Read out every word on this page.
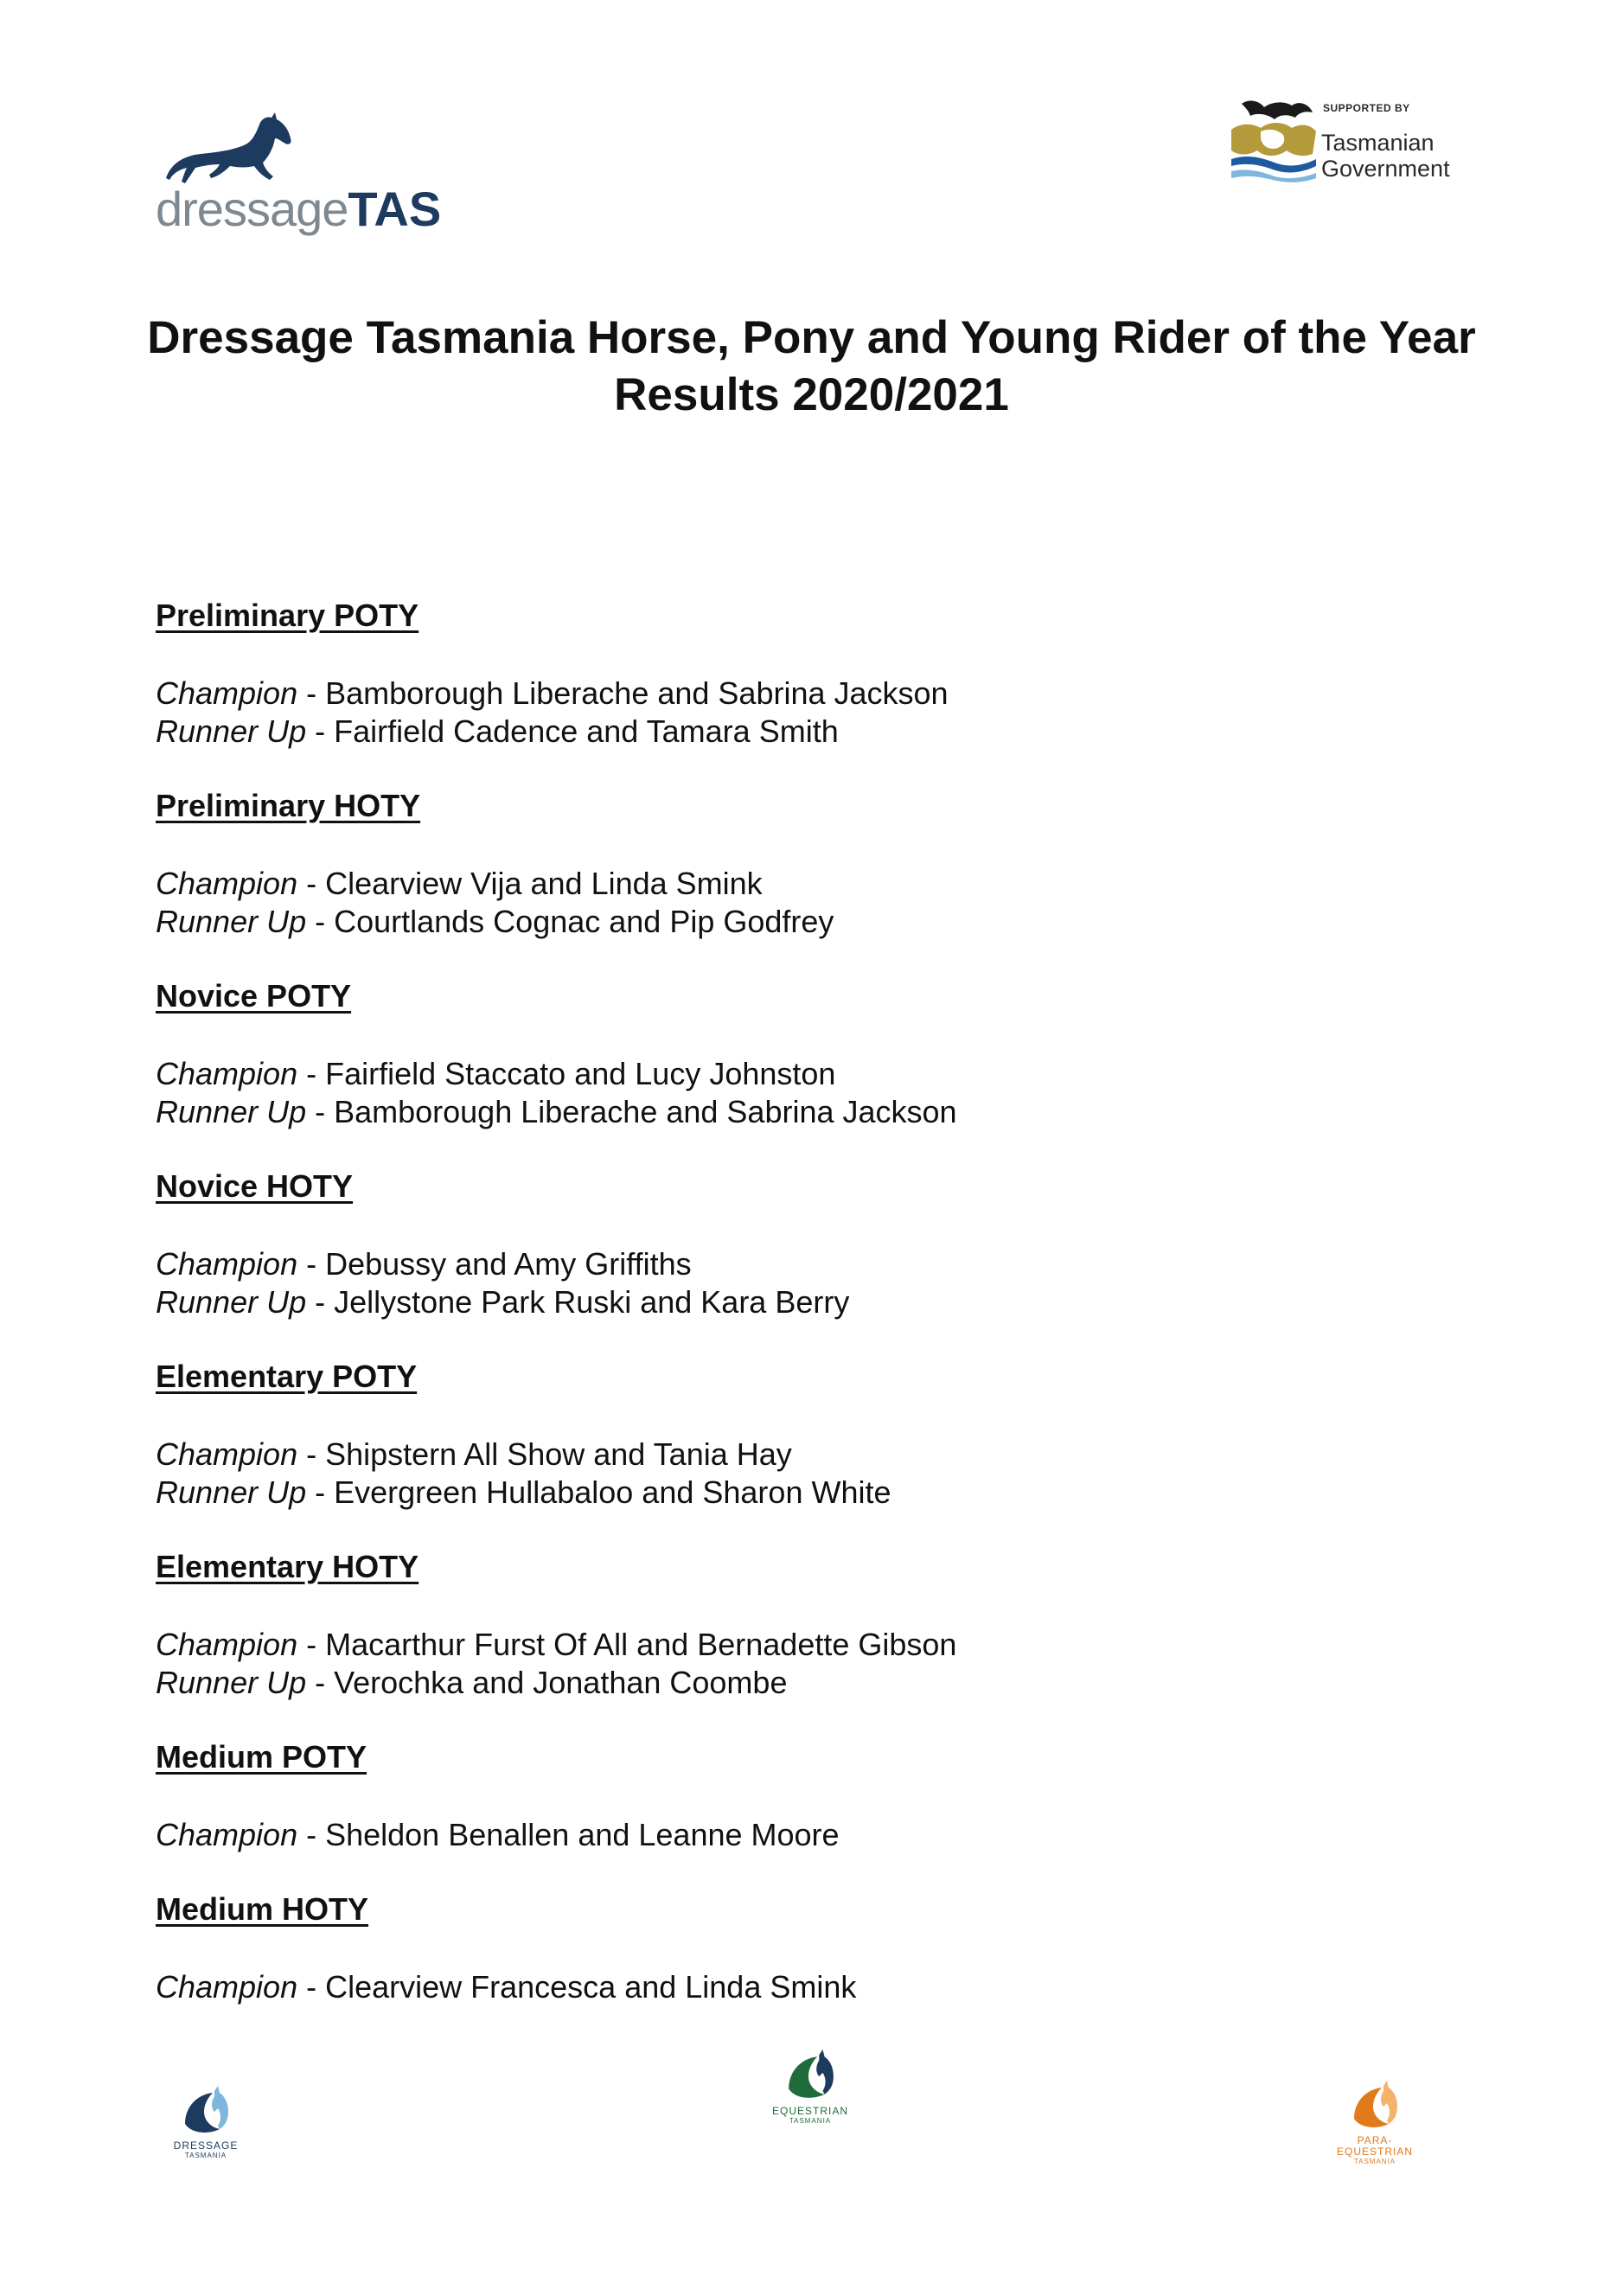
dressageTAS
SUPPORTED BY
Tasmanian
Government
Dressage Tasmania Horse, Pony and Young Rider of the Year Results 2020/2021
Preliminary POTY

Champion - Bamborough Liberache and Sabrina Jackson

Runner Up - Fairfield Cadence and Tamara Smith

Preliminary HOTY

Champion - Clearview Vija and Linda Smink

Runner Up - Courtlands Cognac and Pip Godfrey

Novice POTY

Champion - Fairfield Staccato and Lucy Johnston

Runner Up - Bamborough Liberache and Sabrina Jackson

Novice HOTY

Champion - Debussy and Amy Griffiths

Runner Up - Jellystone Park Ruski and Kara Berry

Elementary POTY

Champion - Shipstern All Show and Tania Hay

Runner Up - Evergreen Hullabaloo and Sharon White

Elementary HOTY

Champion - Macarthur Furst Of All and Bernadette Gibson

Runner Up - Verochka and Jonathan Coombe

Medium POTY

Champion - Sheldon Benallen and Leanne Moore

Medium HOTY

Champion - Clearview Francesca and Linda Smink

DRESSAGE
TASMANIA
EQUESTRIAN
TASMANIA
PARA-EQUESTRIAN
TASMANIA
